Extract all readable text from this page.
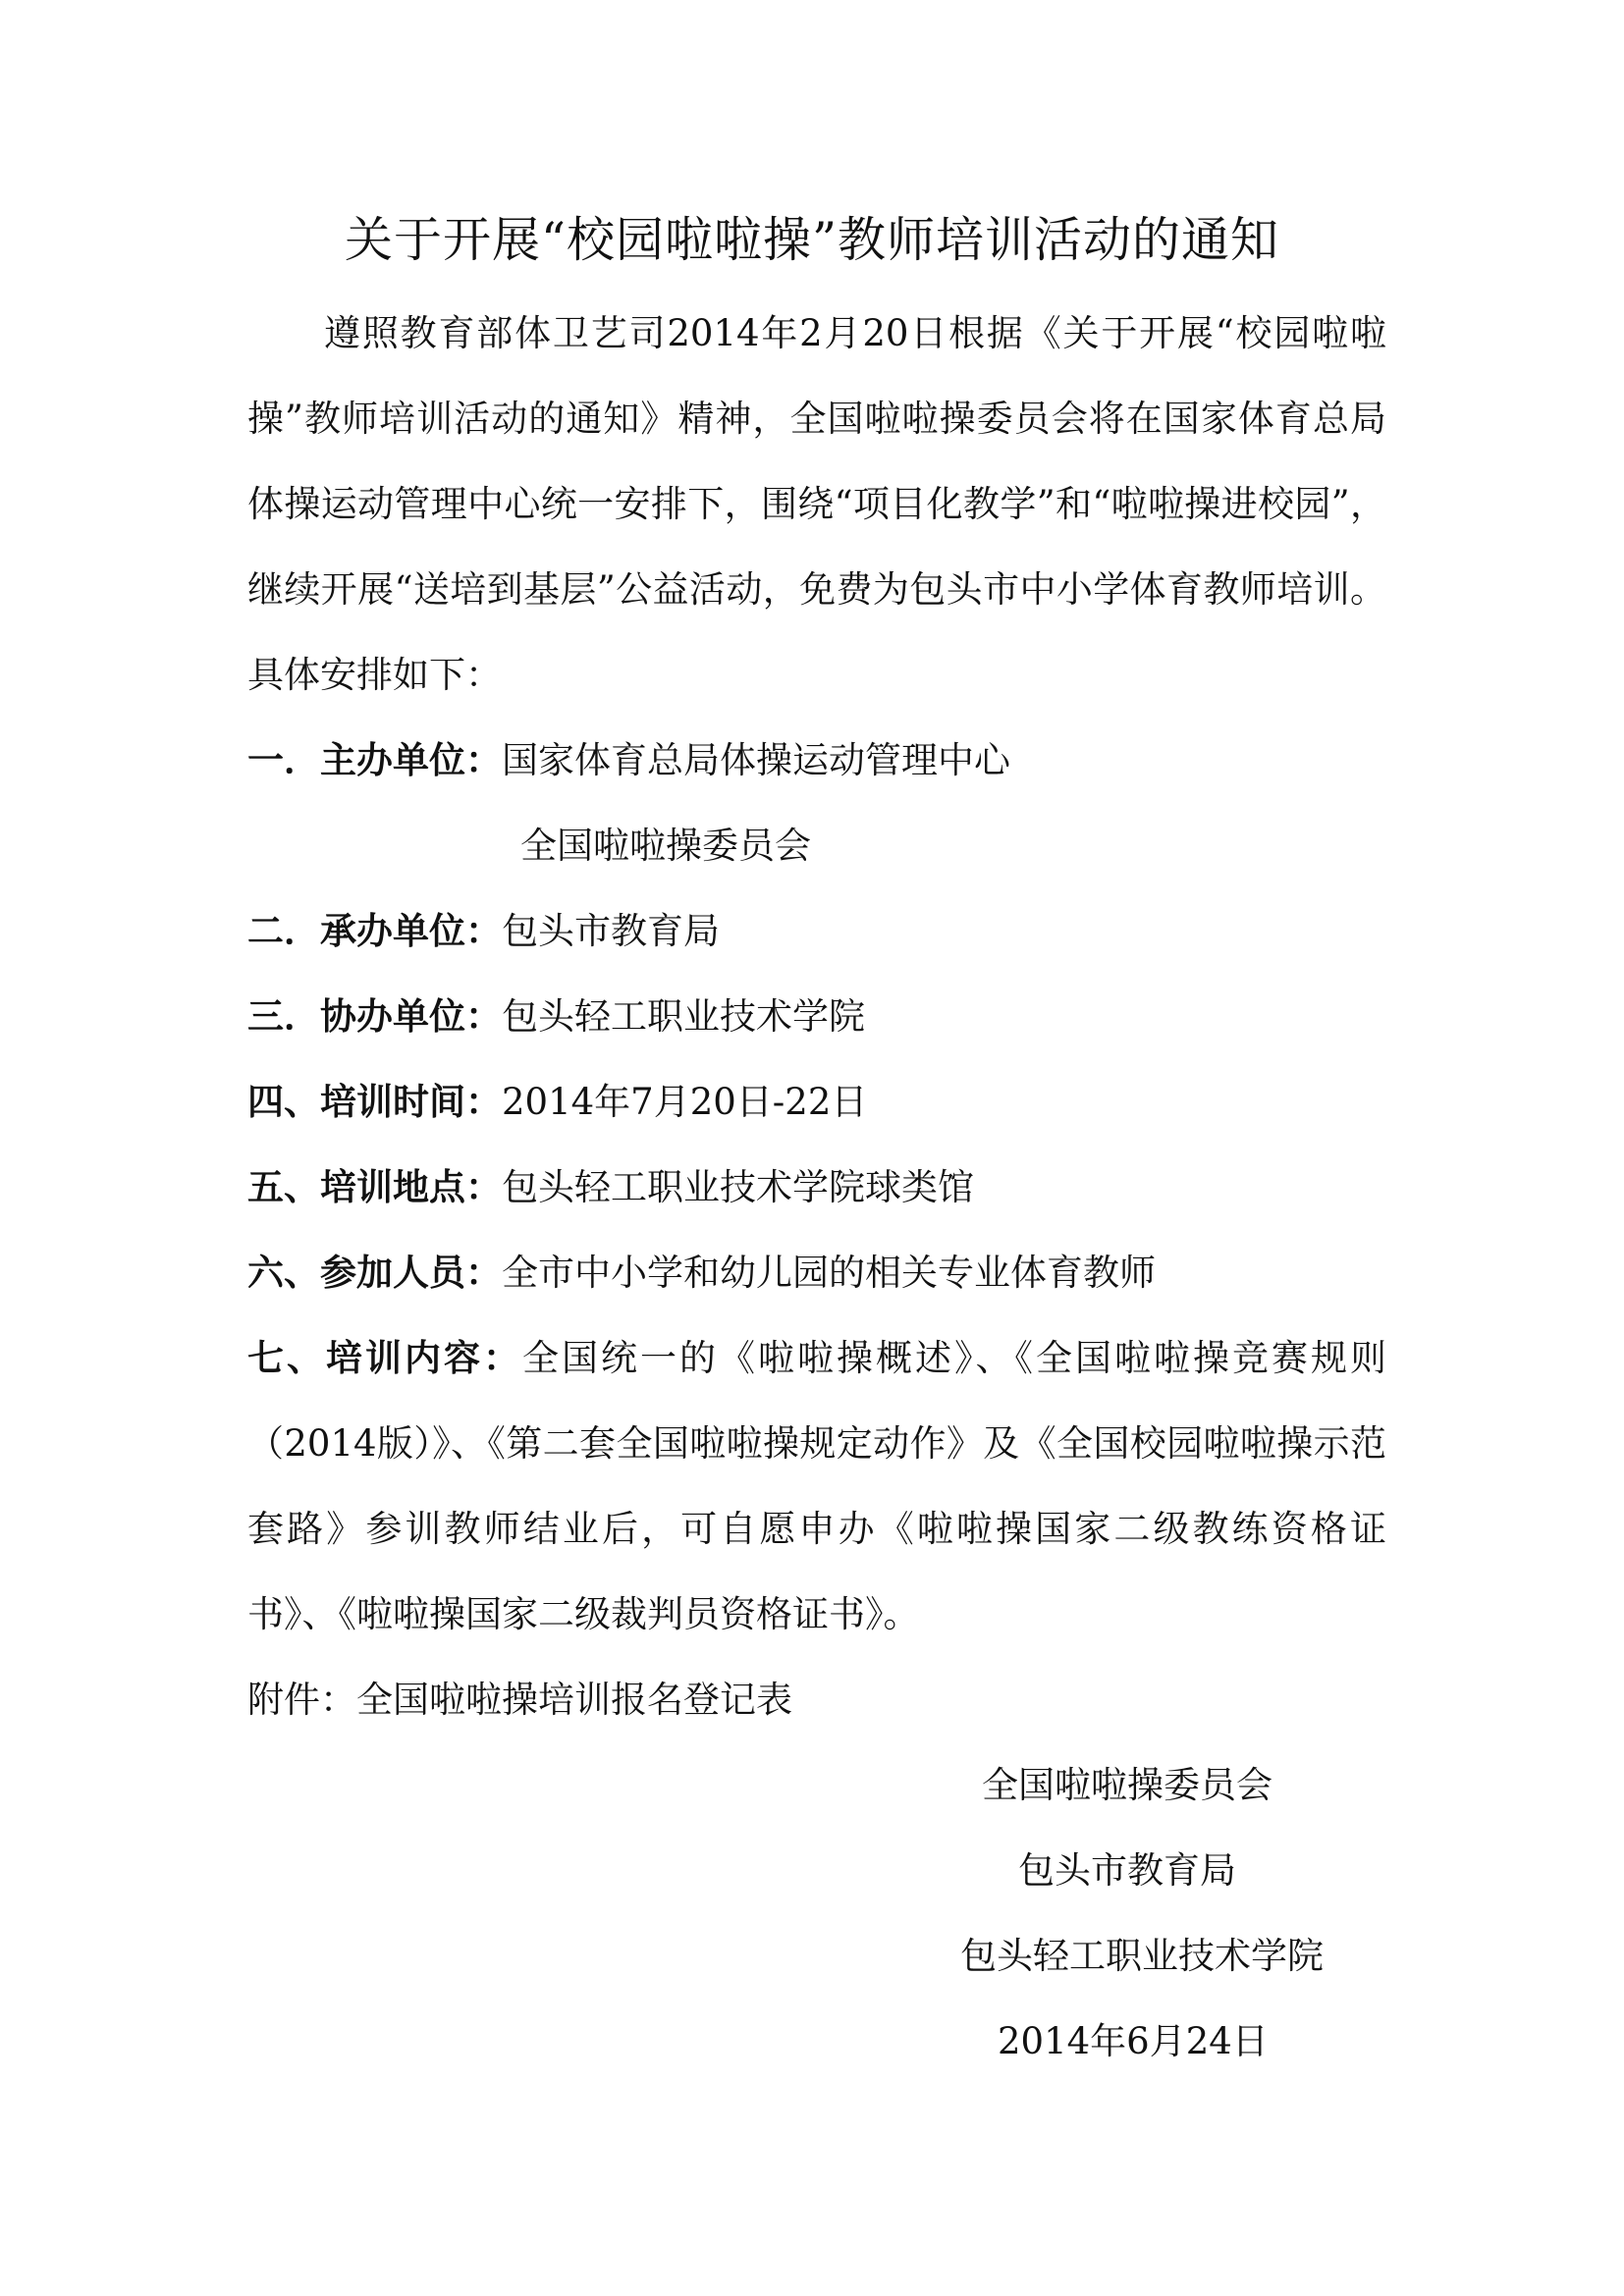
关于开展“校园啦啦操”教师培训活动的通知
遵照教育部体卫艺司2014年2月20日根据《关于开展“校园啦啦操”教师培训活动的通知》精神，全国啦啦操委员会将在国家体育总局体操运动管理中心统一安排下，围绕“项目化教学”和“啦啦操进校园”，继续开展“送培到基层”公益活动，免费为包头市中小学体育教师培训。具体安排如下：
一．主办单位：国家体育总局体操运动管理中心
全国啦啦操委员会
二．承办单位：包头市教育局
三．协办单位：包头轻工职业技术学院
四、培训时间：2014年7月20日-22日
五、培训地点：包头轻工职业技术学院球类馆
六、参加人员：全市中小学和幼儿园的相关专业体育教师
七、培训内容：全国统一的《啦啦操概述》、《全国啦啦操竞赛规则（2014版）》、《第二套全国啦啦操规定动作》及《全国校园啦啦操示范套路》参训教师结业后，可自愿申办《啦啦操国家二级教练资格证书》、《啦啦操国家二级裁判员资格证书》。
附件：全国啦啦操培训报名登记表
全国啦啦操委员会
包头市教育局
包头轻工职业技术学院
2014年6月24日
